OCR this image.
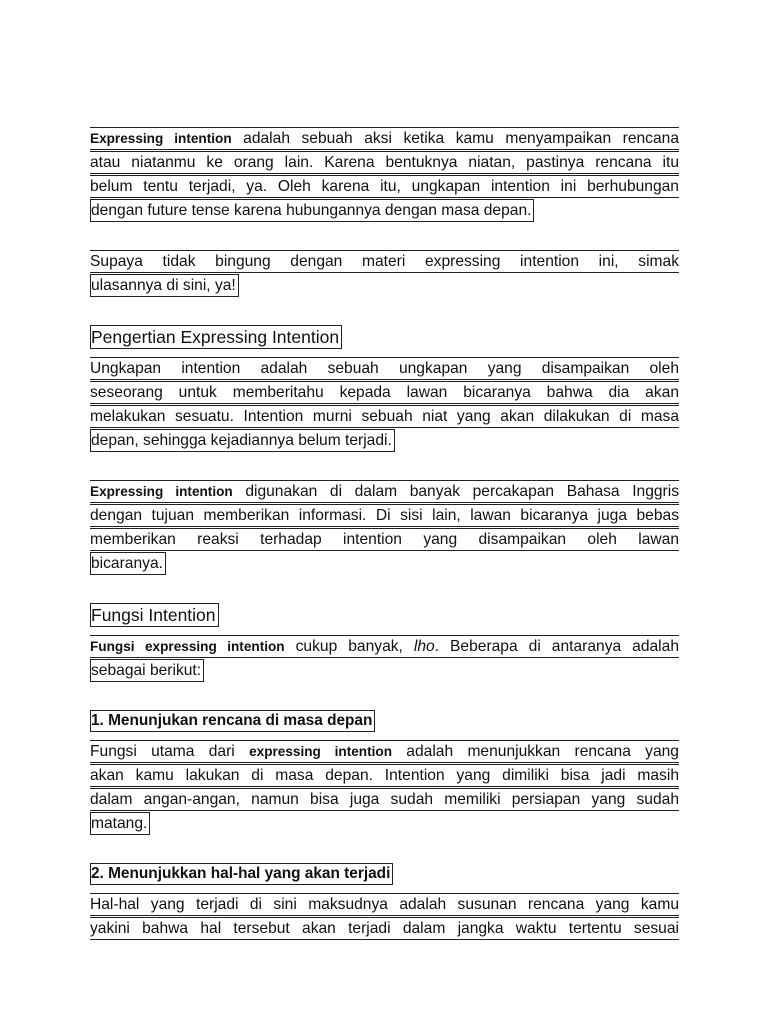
Expressing intention adalah sebuah aksi ketika kamu menyampaikan rencana
atau niatanmu ke orang lain. Karena bentuknya niatan, pastinya rencana itu
belum tentu terjadi, ya. Oleh karena itu, ungkapan intention ini berhubungan
dengan future tense karena hubungannya dengan masa depan.
Supaya tidak bingung dengan materi expressing intention ini, simak
ulasannya di sini, ya!
Pengertian Expressing Intention
Ungkapan intention adalah sebuah ungkapan yang disampaikan oleh
seseorang untuk memberitahu kepada lawan bicaranya bahwa dia akan
melakukan sesuatu. Intention murni sebuah niat yang akan dilakukan di masa
depan, sehingga kejadiannya belum terjadi.
Expressing intention digunakan di dalam banyak percakapan Bahasa Inggris
dengan tujuan memberikan informasi. Di sisi lain, lawan bicaranya juga bebas
memberikan reaksi terhadap intention yang disampaikan oleh lawan
bicaranya.
Fungsi Intention
Fungsi expressing intention cukup banyak, lho. Beberapa di antaranya adalah
sebagai berikut:
1. Menunjukan rencana di masa depan
Fungsi utama dari expressing intention adalah menunjukkan rencana yang
akan kamu lakukan di masa depan. Intention yang dimiliki bisa jadi masih
dalam angan-angan, namun bisa juga sudah memiliki persiapan yang sudah
matang.
2. Menunjukkan hal-hal yang akan terjadi
Hal-hal yang terjadi di sini maksudnya adalah susunan rencana yang kamu
yakini bahwa hal tersebut akan terjadi dalam jangka waktu tertentu sesuai
